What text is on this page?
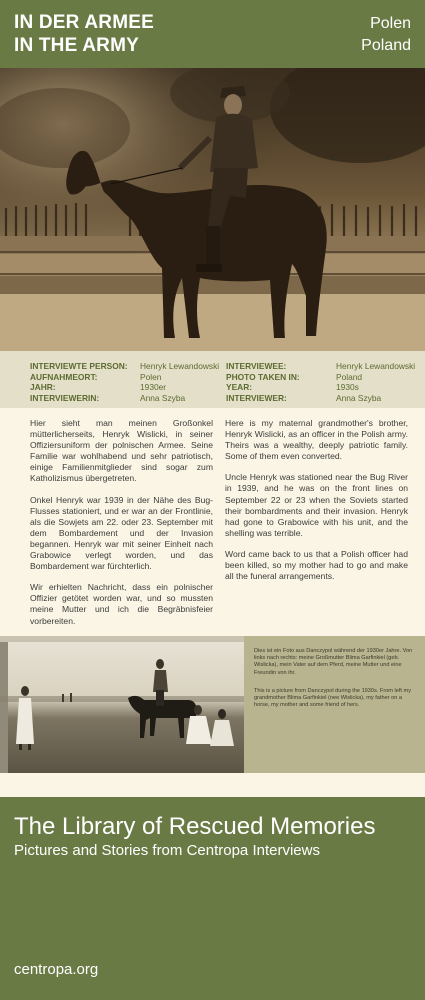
IN DER ARMEE
IN THE ARMY
Polen
Poland
INTERVIEWTE PERSON:	Henryk Lewandowski
AUFNAHMEORT:	Polen
JAHR:	1930er
INTERVIEWERIN:	Anna Szyba
INTERVIEWEE:	Henryk Lewandowski
PHOTO TAKEN IN:	Poland
YEAR:	1930s
INTERVIEWER:	Anna Szyba

Hier sieht man meinen Großonkel mütterlicherseits, Henryk Wislicki, in seiner Offiziersuniform der polnischen Armee. Seine Familie war wohlhabend und sehr patriotisch, einige Familienmitglieder sind sogar zum Katholizismus übergetreten.

Onkel Henryk war 1939 in der Nähe des Bug-Flusses stationiert, und er war an der Frontlinie, als die Sowjets am 22. oder 23. September mit dem Bombardement und der Invasion begannen. Henryk war mit seiner Einheit nach Grabowice verlegt worden, und das Bombardement war fürchterlich.

Wir erhielten Nachricht, dass ein polnischer Offizier getötet worden war, und so mussten meine Mutter und ich die Begräbnisfeier vorbereiten.

Here is my maternal grandmother's brother, Henryk Wislicki, as an officer in the Polish army. Theirs was a wealthy, deeply patriotic family. Some of them even converted.

Uncle Henryk was stationed near the Bug River in 1939, and he was on the front lines on September 22 or 23 when the Soviets started their bombardments and their invasion. Henryk had gone to Grabowice with his unit, and the shelling was terrible.

Word came back to us that a Polish officer had been killed, so my mother had to go and make all the funeral arrangements.

Dies ist ein Foto aus Danczypol während der 1930er Jahre. Von links nach rechts: meine Großmutter Blima Garfinkiel (geb. Wislicka), mein Vater auf dem Pferd, meine Mutter und eine Freundin von ihr.
This is a picture from Danczypol during the 1930s. From left my grandmother Blima Garfinkiel (nee Wislicka), my father on a horse, my mother and some friend of hers.
The Library of Rescued Memories
Pictures and Stories from Centropa Interviews
centropa.org
